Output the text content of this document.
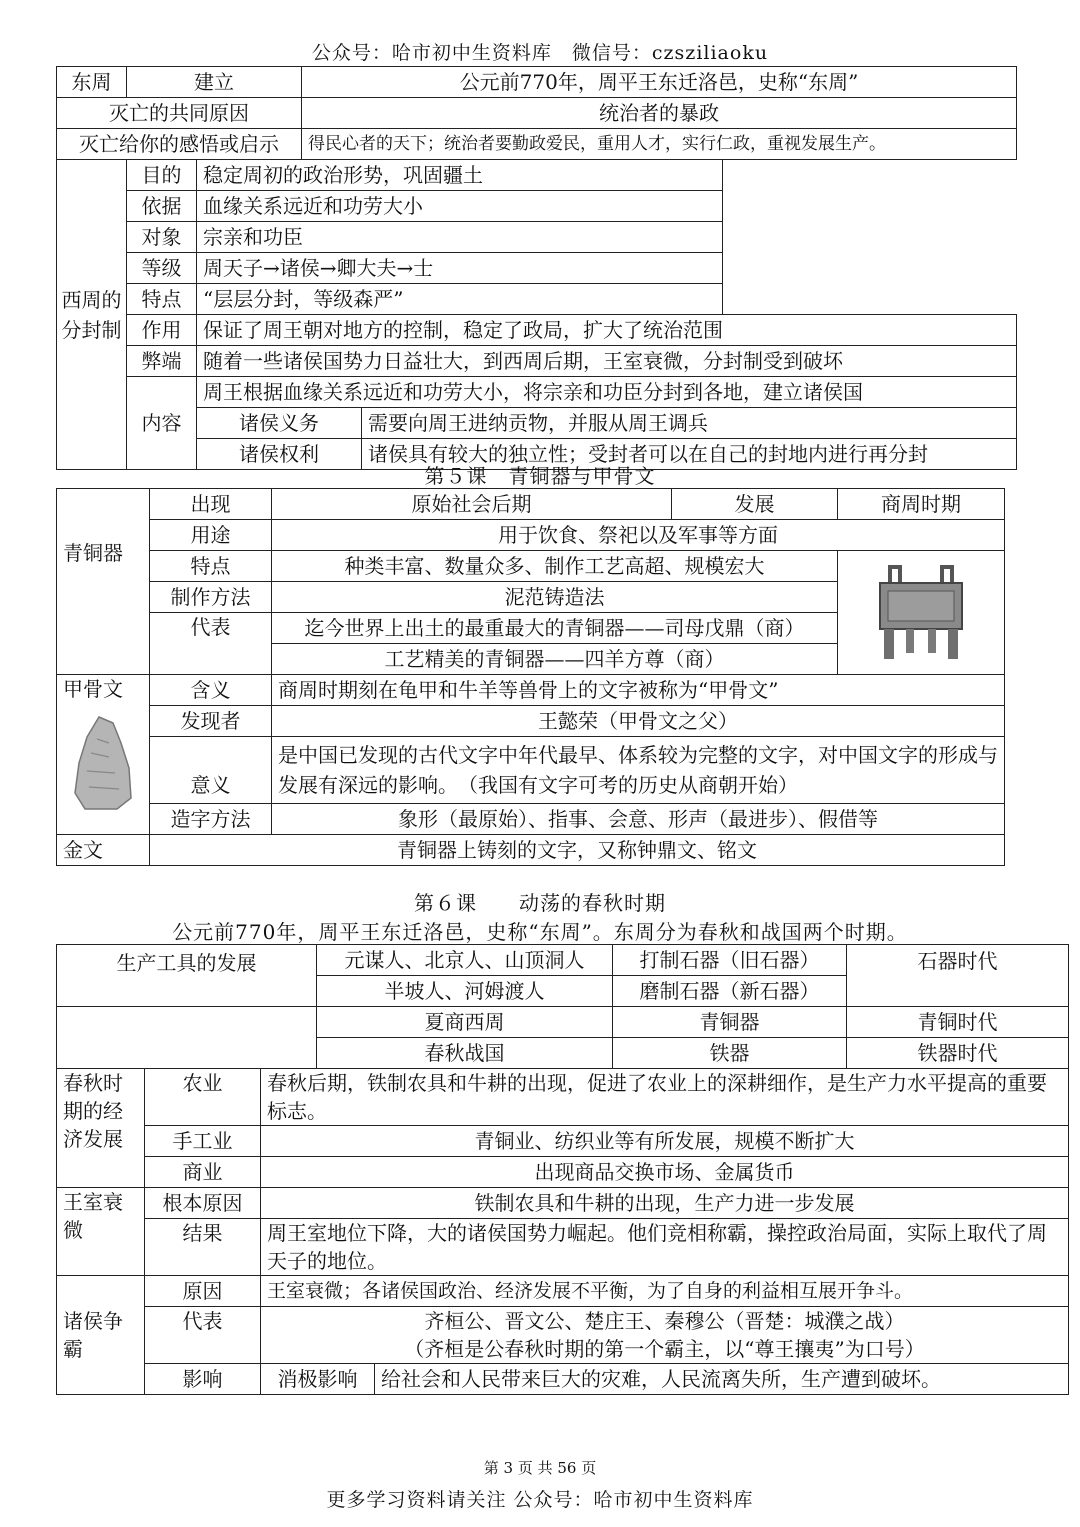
公众号：哈市初中生资料库　微信号：czsziliaoku
东周	建立		公元前770年，周平王东迁洛邑，史称“东周”		
灭亡的共同原因			统治者的暴政		
灭亡给你的感悟或启示			得民心者的天下；统治者要勤政爱民，重用人才，实行仁政，重视发展生产。		
西周的分封制	目的	稳定周初的政治形势，巩固疆土			
	依据	血缘关系远近和功劳大小			
	对象	宗亲和功臣			
	等级	周天子→诸侯→卿大夫→士			
	特点	“层层分封，等级森严”			
	作用	保证了周王朝对地方的控制，稳定了政局，扩大了统治范围			
	弊端	随着一些诸侯国势力日益壮大，到西周后期，王室衰微，分封制受到破坏			
	内容	周王根据血缘关系远近和功劳大小，将宗亲和功臣分封到各地，建立诸侯国			
		诸侯义务		需要向周王进纳贡物，并服从周王调兵	
		诸侯权利		诸侯具有较大的独立性；受封者可以在自己的封地内进行再分封	
第５课　青铜器与甲骨文
青铜器	出现	原始社会后期	发展	商周时期
	用途	用于饮食、祭祀以及军事等方面		
	特点	种类丰富、数量众多、制作工艺高超、规模宏大	

	制作方法	泥范铸造法		
	代表	迄今世界上出土的最重最大的青铜器——司母戊鼎（商）		
		工艺精美的青铜器——四羊方尊（商）		

甲骨文	含义	商周时期刻在龟甲和牛羊等兽骨上的文字被称为“甲骨文”		
	发现者	王懿荣（甲骨文之父）		
	意义	是中国已发现的古代文字中年代最早、体系较为完整的文字，对中国文字的形成与发展有深远的影响。　（我国有文字可考的历史从商朝开始）		
	造字方法	象形（最原始）、指事、会意、形声（最进步）、假借等		
金文	青铜器上铸刻的文字，又称钟鼎文、铭文			
第６课　　动荡的春秋时期
公元前770年，周平王东迁洛邑，史称“东周”。东周分为春秋和战国两个时期。
生产工具的发展			元谋人、北京人、山顶洞人		打制石器（旧石器）	石器时代
			半坡人、河姆渡人		磨制石器（新石器）	
			夏商西周		青铜器	青铜时代
			春秋战国		铁器	铁器时代
春秋时期的经济发展	农业	春秋后期，铁制农具和牛耕的出现，促进了农业上的深耕细作，是生产力水平提高的重要标志。				
	手工业	青铜业、纺织业等有所发展，规模不断扩大				
	商业	出现商品交换市场、金属货币				
王室衰微	根本原因	铁制农具和牛耕的出现，生产力进一步发展				
	结果	周王室地位下降，大的诸侯国势力崛起。他们竞相称霸，操控政治局面，实际上取代了周天子的地位。				
诸侯争霸	原因	王室衰微；各诸侯国政治、经济发展不平衡，为了自身的利益相互展开争斗。				
	代表	齐桓公、晋文公、楚庄王、秦穆公（晋楚：城濮之战）
（齐桓是公春秋时期的第一个霸主，以“尊王攘夷”为口号）				

	影响	消极影响		给社会和人民带来巨大的灾难，人民流离失所，生产遭到破坏。		
第 3 页 共 56 页
更多学习资料请关注 公众号：哈市初中生资料库
